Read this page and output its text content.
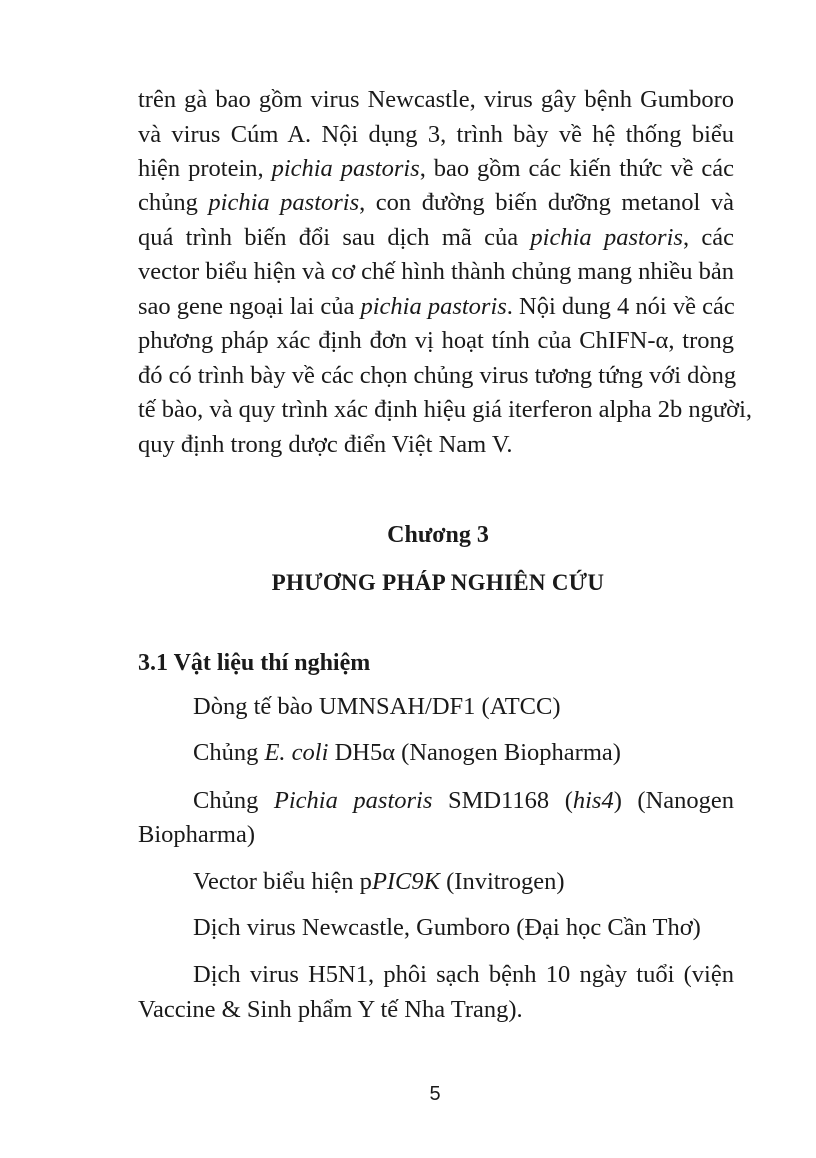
trên gà bao gồm virus Newcastle, virus gây bệnh Gumboro
và virus Cúm A. Nội dụng 3, trình bày về hệ thống biểu
hiện protein, pichia pastoris, bao gồm các kiến thức về các
chủng pichia pastoris, con đường biến dưỡng metanol và
quá trình biến đổi sau dịch mã của pichia pastoris, các
vector biểu hiện và cơ chế hình thành chủng mang nhiều bản
sao gene ngoại lai của pichia pastoris. Nội dung 4 nói về các
phương pháp xác định đơn vị hoạt tính của ChIFN-α, trong
đó có trình bày về các chọn chủng virus tương tứng với dòng
tế bào, và quy trình xác định hiệu giá iterferon alpha 2b người,
quy định trong dược điển Việt Nam V.
Chương 3
PHƯƠNG PHÁP NGHIÊN CỨU
3.1 Vật liệu thí nghiệm
Dòng tế bào UMNSAH/DF1 (ATCC)
Chủng E. coli DH5α (Nanogen Biopharma)
Chủng Pichia pastoris SMD1168 (his4) (Nanogen
Biopharma)
Vector biểu hiện pPIC9K (Invitrogen)
Dịch virus Newcastle, Gumboro (Đại học Cần Thơ)
Dịch virus H5N1, phôi sạch bệnh 10 ngày tuổi (viện
Vaccine & Sinh phẩm Y tế Nha Trang).
5
